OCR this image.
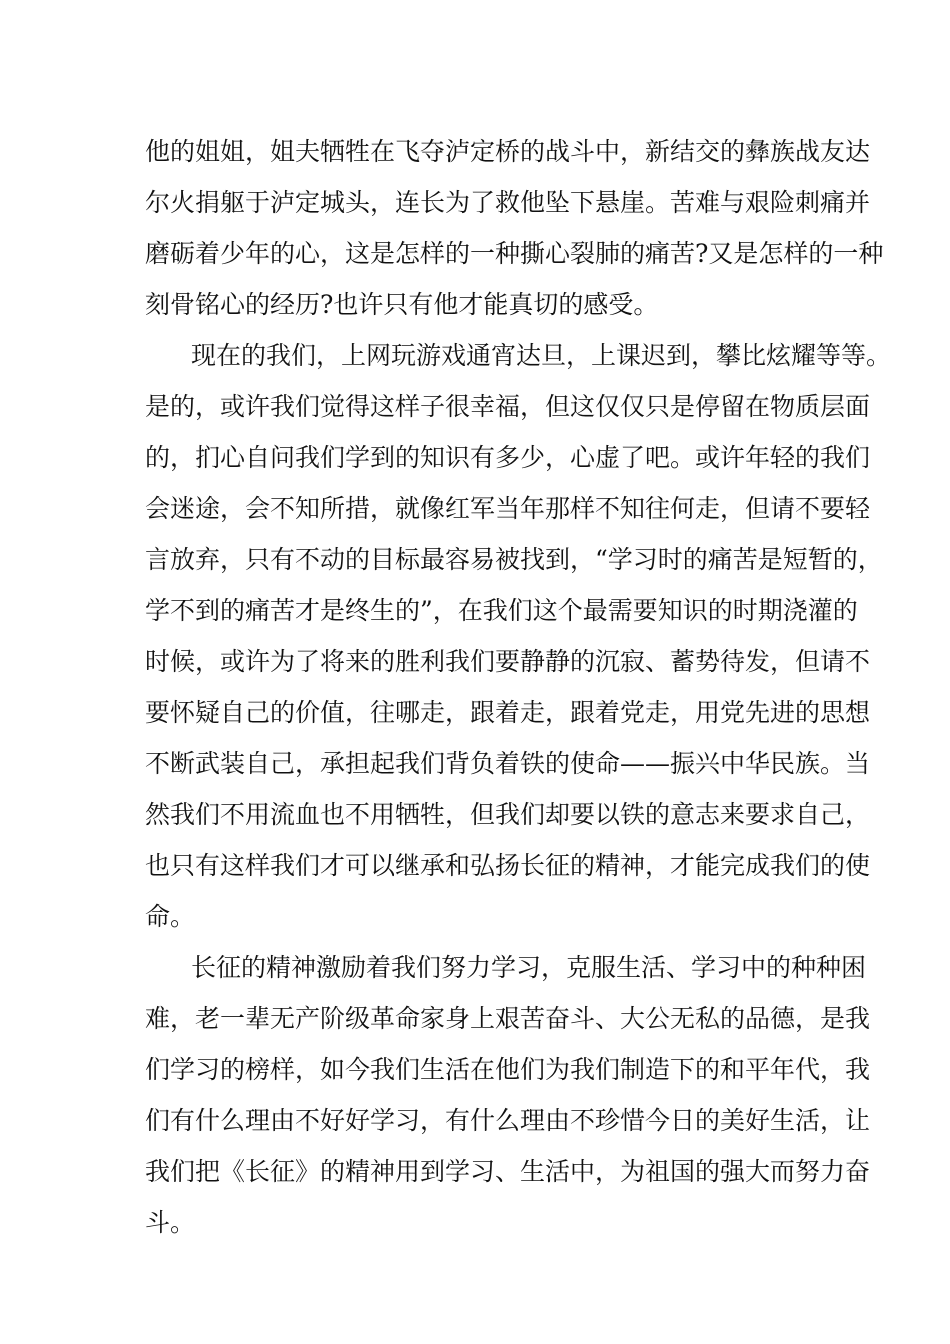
他的姐姐，姐夫牺牲在飞夺泸定桥的战斗中，新结交的彝族战友达
尔火捐躯于泸定城头，连长为了救他坠下悬崖。苦难与艰险刺痛并
磨砺着少年的心，这是怎样的一种撕心裂肺的痛苦?又是怎样的一种
刻骨铭心的经历?也许只有他才能真切的感受。
现在的我们，上网玩游戏通宵达旦，上课迟到，攀比炫耀等等。
是的，或许我们觉得这样子很幸福，但这仅仅只是停留在物质层面
的，扪心自问我们学到的知识有多少，心虚了吧。或许年轻的我们
会迷途，会不知所措，就像红军当年那样不知往何走，但请不要轻
言放弃，只有不动的目标最容易被找到，“学习时的痛苦是短暂的，
学不到的痛苦才是终生的”，在我们这个最需要知识的时期浇灌的
时候，或许为了将来的胜利我们要静静的沉寂、蓄势待发，但请不
要怀疑自己的价值，往哪走，跟着走，跟着党走，用党先进的思想
不断武装自己，承担起我们背负着铁的使命——振兴中华民族。当
然我们不用流血也不用牺牲，但我们却要以铁的意志来要求自己，
也只有这样我们才可以继承和弘扬长征的精神，才能完成我们的使
命。
长征的精神激励着我们努力学习，克服生活、学习中的种种困
难，老一辈无产阶级革命家身上艰苦奋斗、大公无私的品德，是我
们学习的榜样，如今我们生活在他们为我们制造下的和平年代，我
们有什么理由不好好学习，有什么理由不珍惜今日的美好生活，让
我们把《长征》的精神用到学习、生活中，为祖国的强大而努力奋
斗。
